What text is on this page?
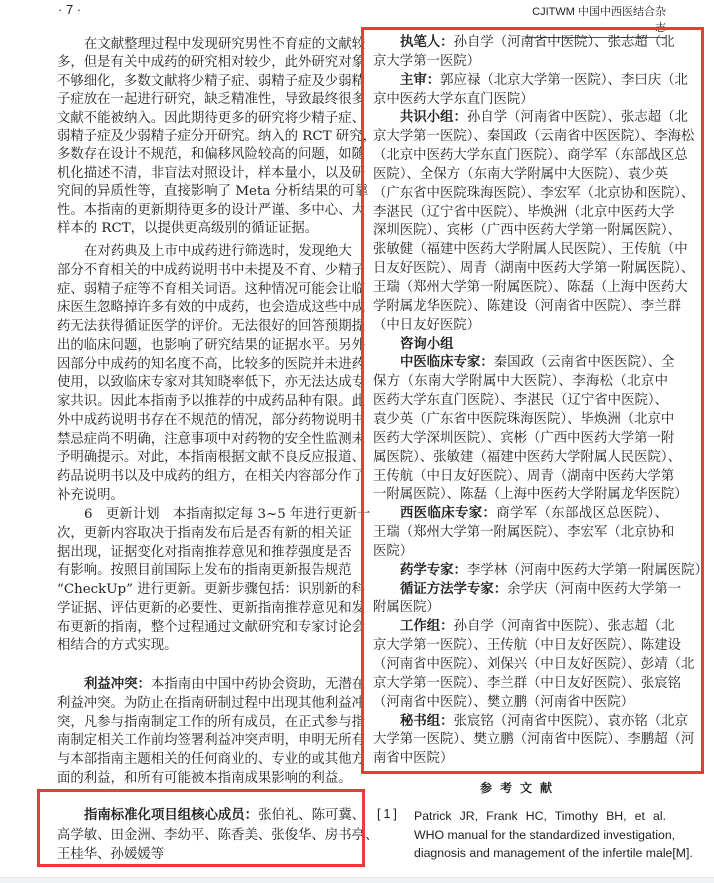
· 7 ·	CJITWM 中国中西医结合杂志
在文献整理过程中发现研究男性不育症的文献较
多，但是有关中成药的研究相对较少，此外研究对象
不够细化，多数文献将少精子症、弱精子症及少弱精
子症放在一起进行研究，缺乏精准性，导致最终很多
文献不能被纳入。因此期待更多的研究将少精子症、
弱精子症及少弱精子症分开研究。纳入的 RCT 研究，
多数存在设计不规范，和偏移风险较高的问题，如随
机化描述不清，非盲法对照设计，样本量小，以及研
究间的异质性等，直接影响了 Meta 分析结果的可靠
性。本指南的更新期待更多的设计严谨、多中心、大
样本的 RCT，以提供更高级别的循证证据。
在对药典及上市中成药进行筛选时，发现绝大
部分不育相关的中成药说明书中未提及不育、少精子
症、弱精子症等不育相关词语。这种情况可能会让临
床医生忽略掉许多有效的中成药，也会造成这些中成
药无法获得循证医学的评价。无法很好的回答预期提
出的临床问题，也影响了研究结果的证据水平。另外
因部分中成药的知名度不高，比较多的医院并未进药
使用，以致临床专家对其知晓率低下，亦无法达成专
家共识。因此本指南予以推荐的中成药品种有限。此
外中成药说明书存在不规范的情况，部分药物说明书
禁忌症尚不明确，注意事项中对药物的安全性监测未
予明确提示。对此，本指南根据文献不良反应报道、
药品说明书以及中成药的组方，在相关内容部分作了
补充说明。
6　更新计划　本指南拟定每 3~5 年进行更新一
次，更新内容取决于指南发布后是否有新的相关证
据出现，证据变化对指南推荐意见和推荐强度是否
有影响。按照目前国际上发布的指南更新报告规范
“CheckUp” 进行更新。更新步骤包括：识别新的科
学证据、评估更新的必要性、更新指南推荐意见和发
布更新的指南，整个过程通过文献研究和专家讨论会
相结合的方式实现。
利益冲突：本指南由中国中药协会资助，无潜在
利益冲突。为防止在指南研制过程中出现其他利益冲
突，凡参与指南制定工作的所有成员，在正式参与指
南制定相关工作前均签署利益冲突声明，申明无所有
与本部指南主题相关的任何商业的、专业的或其他方
面的利益，和所有可能被本指南成果影响的利益。
指南标准化项目组核心成员：张伯礼、陈可冀、
高学敏、田金洲、李幼平、陈香美、张俊华、房书亭、
王桂华、孙媛媛等
执笔人：孙自学（河南省中医院）、张志超（北
京大学第一医院）
主审：郭应禄（北京大学第一医院）、李曰庆（北
京中医药大学东直门医院）
共识小组：孙自学（河南省中医院）、张志超（北
京大学第一医院）、秦国政（云南省中医医院）、李海松
（北京中医药大学东直门医院）、商学军（东部战区总
医院）、全保方（东南大学附属中大医院）、袁少英
（广东省中医院珠海医院）、李宏军（北京协和医院）、
李湛民（辽宁省中医院）、毕焕洲（北京中医药大学
深圳医院）、宾彬（广西中医药大学第一附属医院）、
张敏健（福建中医药大学附属人民医院）、王传航（中
日友好医院）、周青（湖南中医药大学第一附属医院）、
王瑞（郑州大学第一附属医院）、陈磊（上海中医药大
学附属龙华医院）、陈建设（河南省中医院）、李兰群
（中日友好医院）
咨询小组
中医临床专家：秦国政（云南省中医医院）、全
保方（东南大学附属中大医院）、李海松（北京中
医药大学东直门医院）、李湛民（辽宁省中医院）、
袁少英（广东省中医院珠海医院）、毕焕洲（北京中
医药大学深圳医院）、宾彬（广西中医药大学第一附
属医院）、张敏建（福建中医药大学附属人民医院）、
王传航（中日友好医院）、周青（湖南中医药大学第
一附属医院）、陈磊（上海中医药大学附属龙华医院）
西医临床专家：商学军（东部战区总医院）、
王瑞（郑州大学第一附属医院）、李宏军（北京协和
医院）
药学专家：李学林（河南中医药大学第一附属医院）
循证方法学专家：余学庆（河南中医药大学第一
附属医院）
工作组：孙自学（河南省中医院）、张志超（北
京大学第一医院）、王传航（中日友好医院）、陈建设
（河南省中医院）、刘保兴（中日友好医院）、彭靖（北
京大学第一医院）、李兰群（中日友好医院）、张宸铭
（河南省中医院）、樊立鹏（河南省中医院）
秘书组：张宸铭（河南省中医院）、袁亦铭（北京
大学第一医院）、樊立鹏（河南省中医院）、李鹏超（河
南省中医院）
参考文献
[1] Patrick JR, Frank HC, Timothy BH, et al.
WHO manual for the standardized investigation,
diagnosis and management of the infertile male[M].
